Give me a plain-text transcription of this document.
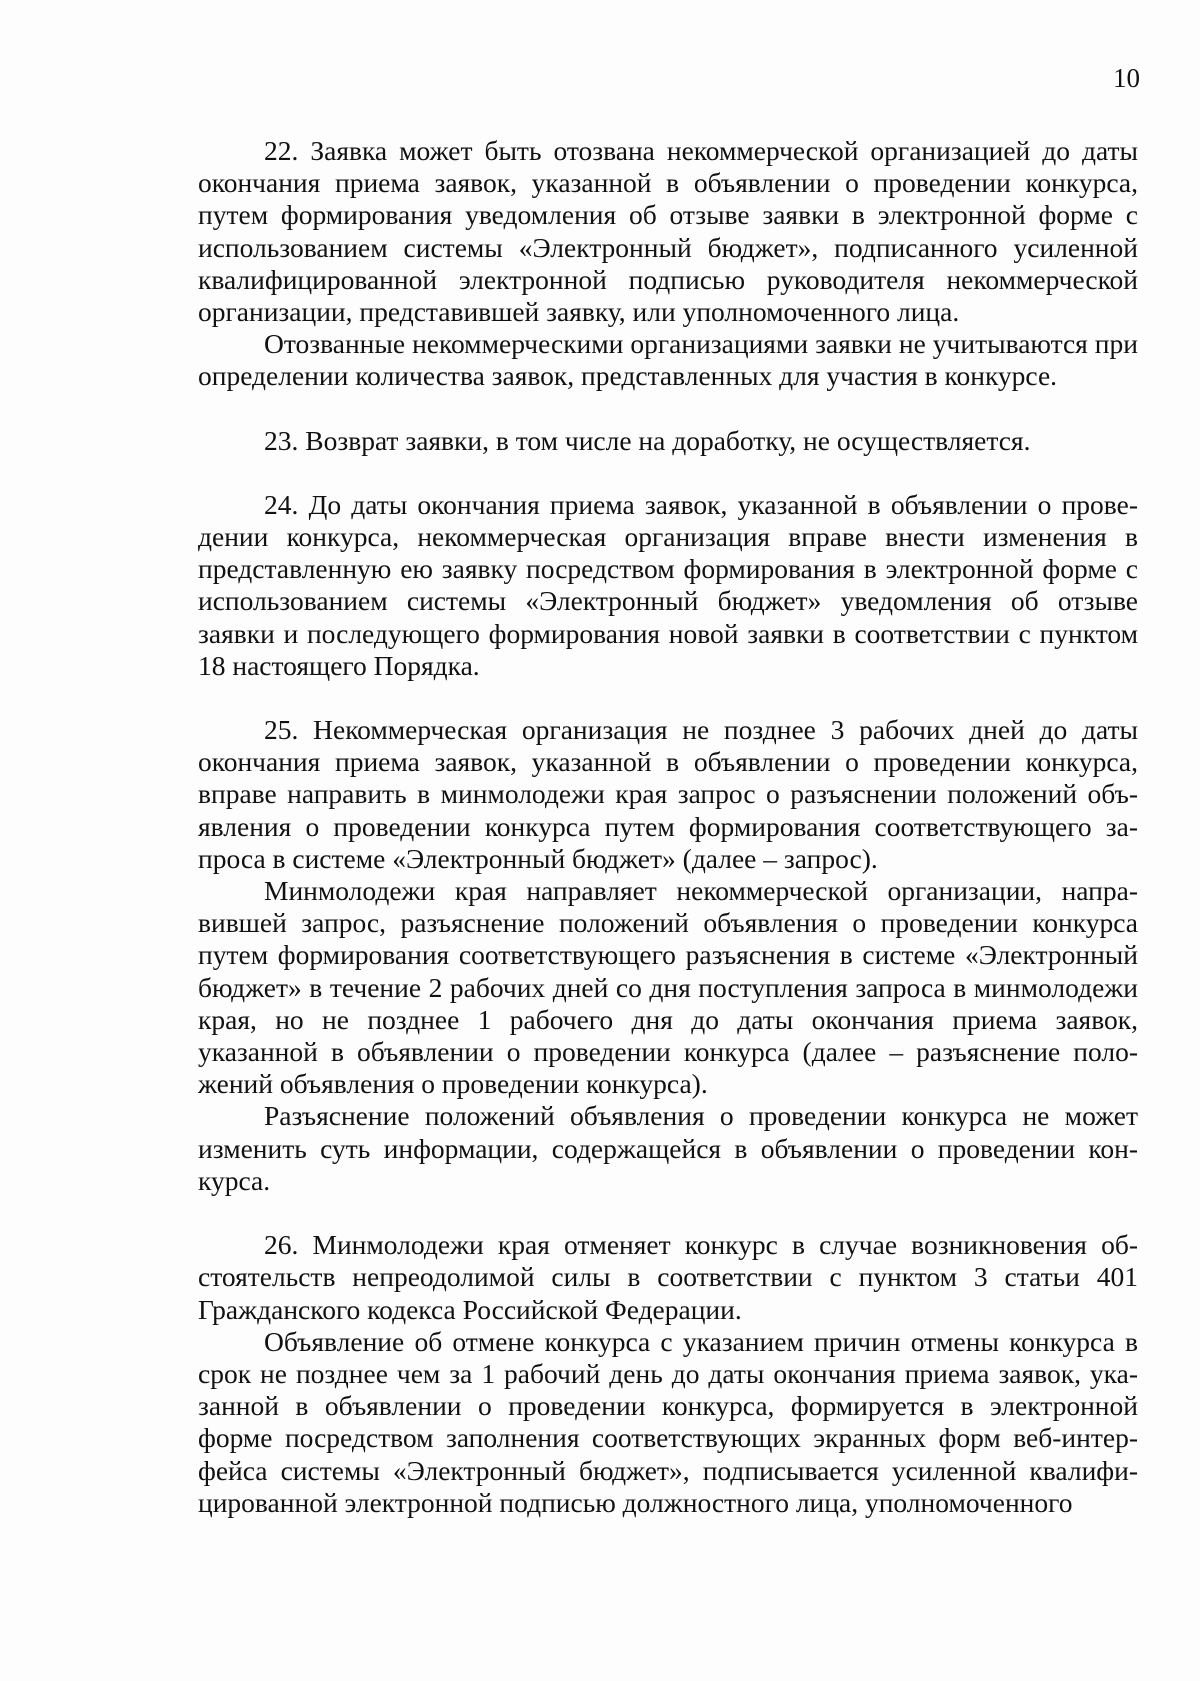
10

22. Заявка может быть отозвана некоммерческой организацией до даты окончания приема заявок, указанной в объявлении о проведении конкурса, путем формирования уведомления об отзыве заявки в электронной форме с использованием системы «Электронный бюджет», подписанного усиленной квалифицированной электронной подписью руководителя некоммерческой организации, представившей заявку, или уполномоченного лица.

Отозванные некоммерческими организациями заявки не учитываются при определении количества заявок, представленных для участия в конкурсе.

23. Возврат заявки, в том числе на доработку, не осуществляется.

24. До даты окончания приема заявок, указанной в объявлении о проведении конкурса, некоммерческая организация вправе внести изменения в представленную ею заявку посредством формирования в электронной форме с использованием системы «Электронный бюджет» уведомления об отзыве заявки и последующего формирования новой заявки в соответствии с пунктом 18 настоящего Порядка.

25. Некоммерческая организация не позднее 3 рабочих дней до даты окончания приема заявок, указанной в объявлении о проведении конкурса, вправе направить в минмолодежи края запрос о разъяснении положений объявления о проведении конкурса путем формирования соответствующего запроса в системе «Электронный бюджет» (далее – запрос).

Минмолодежи края направляет некоммерческой организации, направившей запрос, разъяснение положений объявления о проведении конкурса путем формирования соответствующего разъяснения в системе «Электронный бюджет» в течение 2 рабочих дней со дня поступления запроса в минмолодежи края, но не позднее 1 рабочего дня до даты окончания приема заявок, указанной в объявлении о проведении конкурса (далее – разъяснение положений объявления о проведении конкурса).

Разъяснение положений объявления о проведении конкурса не может изменить суть информации, содержащейся в объявлении о проведении конкурса.

26. Минмолодежи края отменяет конкурс в случае возникновения обстоятельств непреодолимой силы в соответствии с пунктом 3 статьи 401 Гражданского кодекса Российской Федерации.

Объявление об отмене конкурса с указанием причин отмены конкурса в срок не позднее чем за 1 рабочий день до даты окончания приема заявок, указанной в объявлении о проведении конкурса, формируется в электронной форме посредством заполнения соответствующих экранных форм веб-интерфейса системы «Электронный бюджет», подписывается усиленной квалифицированной электронной подписью должностного лица, уполномоченного
